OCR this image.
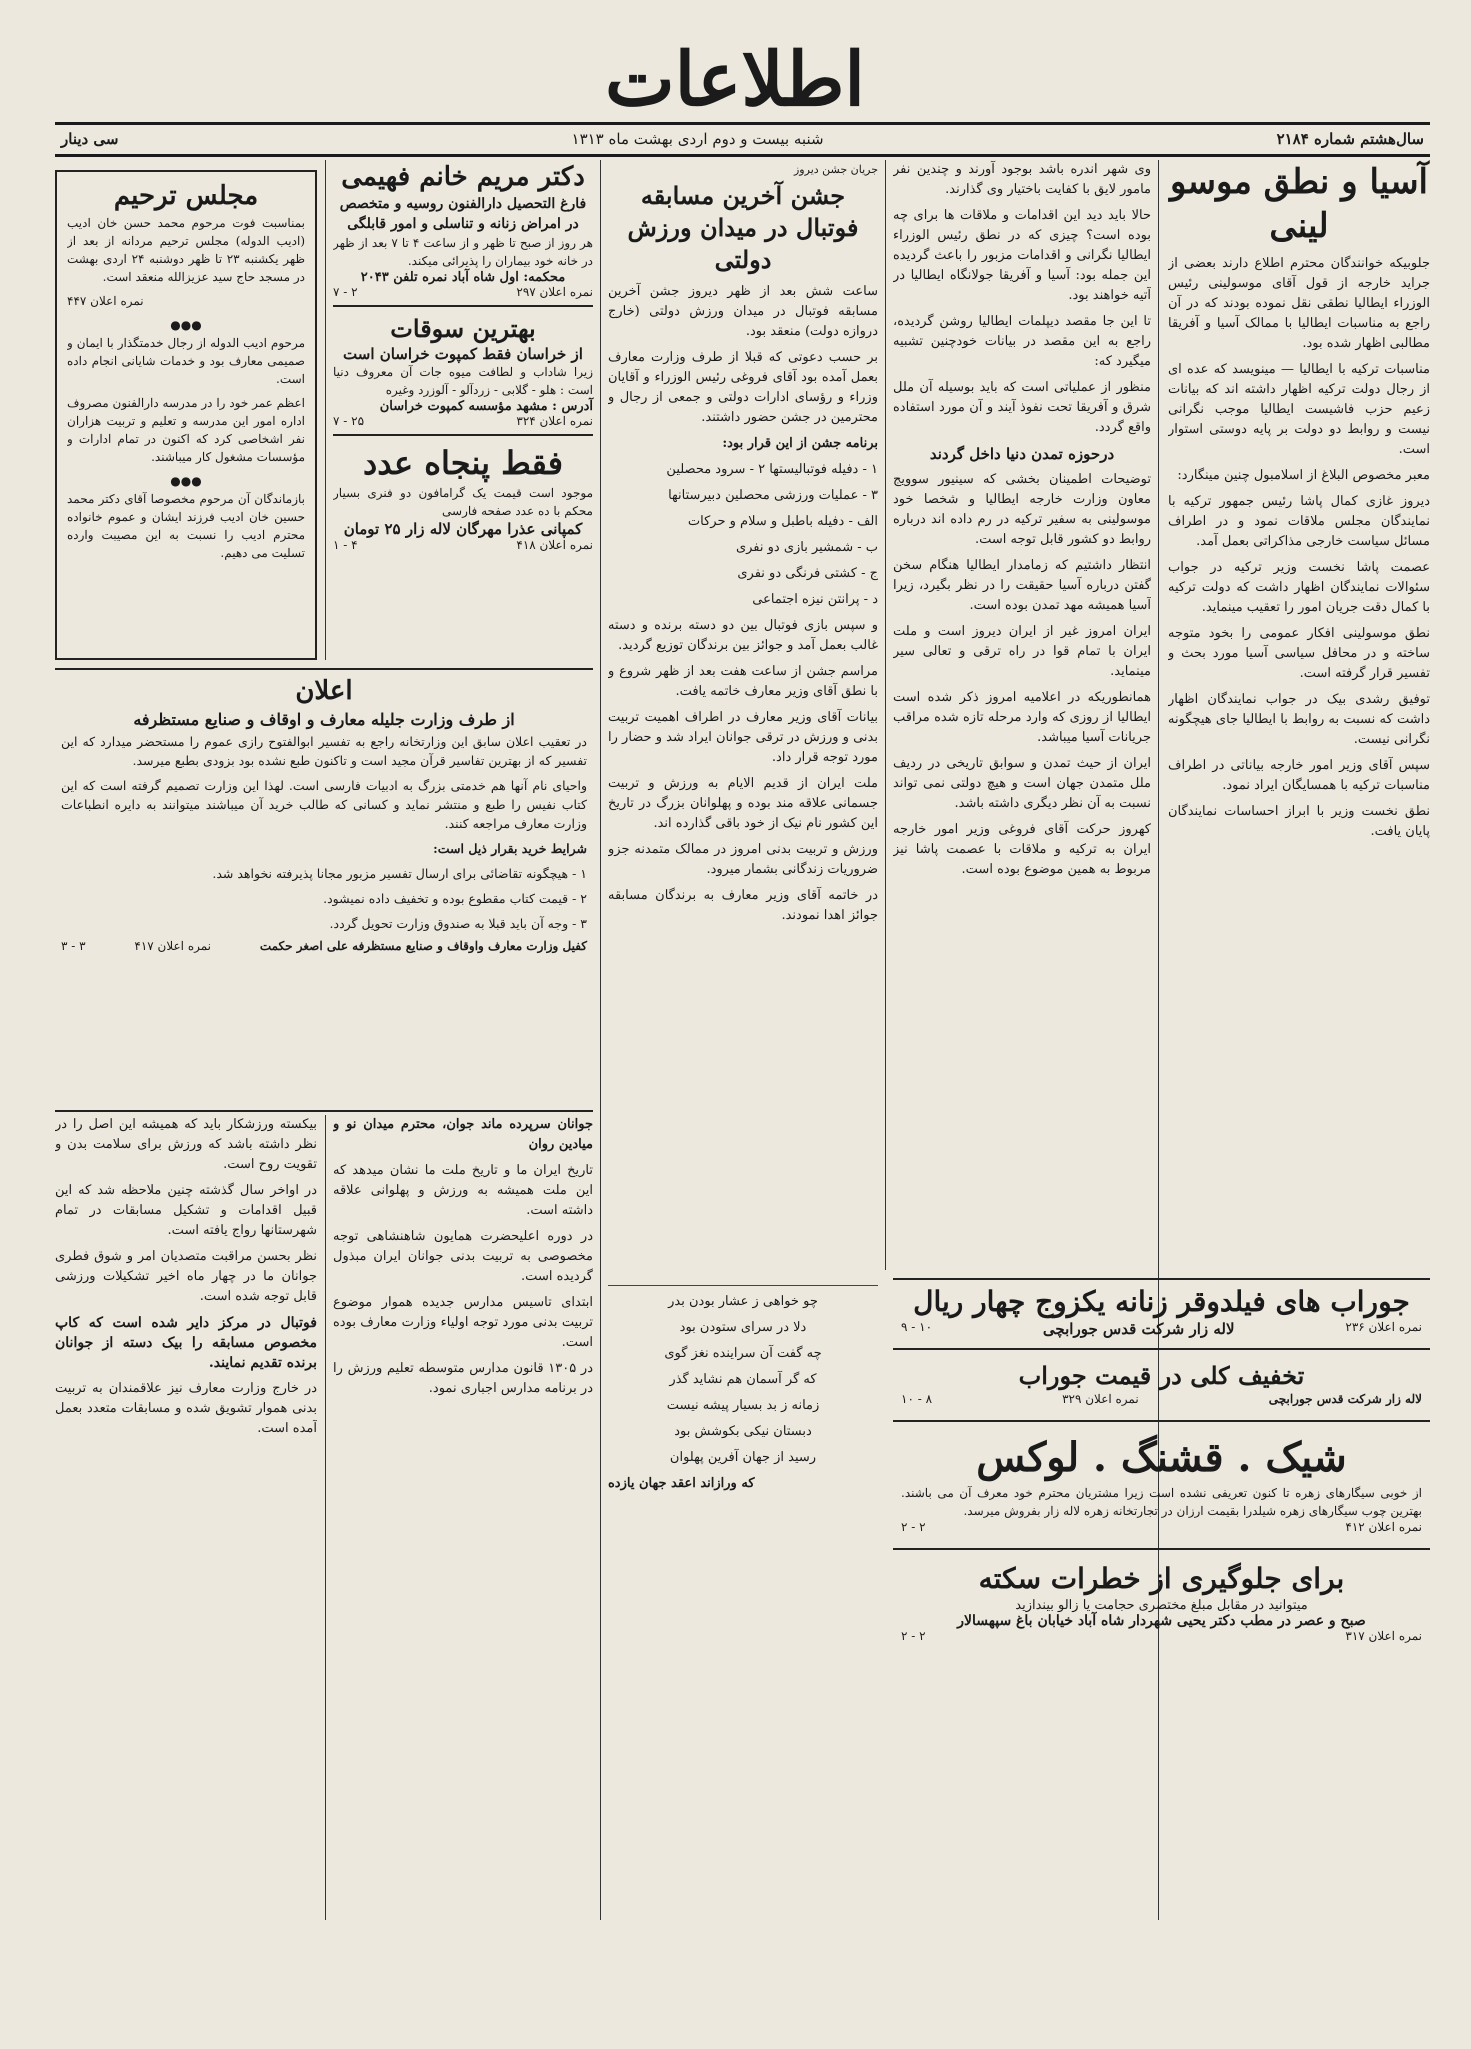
اطلاعات
سال‌هشتم شماره ۲۱۸۴
شنبه بیست و دوم اردی بهشت ماه ۱۳۱۳
سی دینار
آسیا و نطق موسو لینی

جلوبیکه خوانندگان محترم اطلاع دارند بعضی از جراید خارجه از قول آقای موسولینی رئیس الوزراء ایطالیا نطقی نقل نموده بودند که در آن راجع به مناسبات ایطالیا با ممالک آسیا و آفریقا مطالبی اظهار شده بود.

مناسبات ترکیه با ایطالیا — مینویسد که عده ای از رجال دولت ترکیه اظهار داشته اند که بیانات زعیم حزب فاشیست ایطالیا موجب نگرانی نیست و روابط دو دولت بر پایه دوستی استوار است.

معبر مخصوص البلاغ از اسلامبول چنین مینگارد:

دیروز غازی کمال پاشا رئیس جمهور ترکیه با نمایندگان مجلس ملاقات نمود و در اطراف مسائل سیاست خارجی مذاکراتی بعمل آمد.

عصمت پاشا نخست وزیر ترکیه در جواب سئوالات نمایندگان اظهار داشت که دولت ترکیه با کمال دقت جریان امور را تعقیب مینماید.

نطق موسولینی افکار عمومی را بخود متوجه ساخته و در محافل سیاسی آسیا مورد بحث و تفسیر قرار گرفته است.

توفیق رشدی بیک در جواب نمایندگان اظهار داشت که نسبت به روابط با ایطالیا جای هیچگونه نگرانی نیست.

سپس آقای وزیر امور خارجه بیاناتی در اطراف مناسبات ترکیه با همسایگان ایراد نمود.

نطق نخست وزیر با ابراز احساسات نمایندگان پایان یافت.

وی شهر اندره باشد بوجود آورند و چندین نفر مامور لایق با کفایت باختیار وی گذارند.

حالا باید دید این اقدامات و ملاقات ها برای چه بوده است؟ چیزی که در نطق رئیس الوزراء ایطالیا نگرانی و اقدامات مزبور را باعث گردیده این جمله بود: آسیا و آفریقا جولانگاه ایطالیا در آتیه خواهند بود.

تا این جا مقصد دیپلمات ایطالیا روشن گردیده، راجع به این مقصد در بیانات خودچنین تشبیه میگیرد که:

منظور از عملیاتی است که باید بوسیله آن ملل شرق و آفریقا تحت نفوذ آیند و آن مورد استفاده واقع گردد.

درحوزه تمدن دنیا داخل گردند

توضیحات اطمینان بخشی که سینیور سوویج معاون وزارت خارجه ایطالیا و شخصا خود موسولینی به سفیر ترکیه در رم داده اند درباره روابط دو کشور قابل توجه است.

انتظار داشتیم که زمامدار ایطالیا هنگام سخن گفتن درباره آسیا حقیقت را در نظر بگیرد، زیرا آسیا همیشه مهد تمدن بوده است.

ایران امروز غیر از ایران دیروز است و ملت ایران با تمام قوا در راه ترقی و تعالی سیر مینماید.

همانطوریکه در اعلامیه امروز ذکر شده است ایطالیا از روزی که وارد مرحله تازه شده مراقب جریانات آسیا میباشد.

ایران از حیث تمدن و سوابق تاریخی در ردیف ملل متمدن جهان است و هیچ دولتی نمی تواند نسبت به آن نظر دیگری داشته باشد.

کهروز حرکت آقای فروغی وزیر امور خارجه ایران به ترکیه و ملاقات با عصمت پاشا نیز مربوط به همین موضوع بوده است.

جوراب های فیلدوقر زنانه یکزوج چهار ریال
نمره اعلان ۲۳۶
لاله زار شرکت قدس جورابچی
۱۰ - ۹
تخفیف کلی در قیمت جوراب
لاله زار شرکت قدس جورابچی
نمره اعلان ۳۲۹
۸ - ۱۰
شیک . قشنگ . لوکس
از خوبی سیگارهای زهره تا کنون تعریفی نشده است زیرا مشتریان محترم خود معرف آن می باشند. بهترین چوب سیگارهای زهره شیلدرا بقیمت ارزان در تجارتخانه زهره لاله زار بفروش میرسد.
نمره اعلان ۴۱۲
۲ - ۲
برای جلوگیری از خطرات سکته
میتوانید در مقابل مبلغ مختصری حجامت یا زالو بیندازید
صبح و عصر در مطب دکتر یحیی شهردار شاه آباد خیابان باغ سپهسالار
نمره اعلان ۳۱۷
۲ - ۲
جریان جشن دیروز
جشن آخرین مسابقه فوتبال در میدان ورزش دولتی

ساعت شش بعد از ظهر دیروز جشن آخرین مسابقه فوتبال در میدان ورزش دولتی (خارج دروازه دولت) منعقد بود.

بر حسب دعوتی که قبلا از طرف وزارت معارف بعمل آمده بود آقای فروغی رئیس الوزراء و آقایان وزراء و رؤسای ادارات دولتی و جمعی از رجال و محترمین در جشن حضور داشتند.

برنامه جشن از این قرار بود:

۱ - دفیله فوتبالیستها ۲ - سرود محصلین

۳ - عملیات ورزشی محصلین دبیرستانها

الف - دفیله باطبل و سلام و حرکات

ب - شمشیر بازی دو نفری

ج - کشتی فرنگی دو نفری

د - پرانتن نیزه اجتماعی

و سپس بازی فوتبال بین دو دسته برنده و دسته غالب بعمل آمد و جوائز بین برندگان توزیع گردید.

مراسم جشن از ساعت هفت بعد از ظهر شروع و با نطق آقای وزیر معارف خاتمه یافت.

بیانات آقای وزیر معارف در اطراف اهمیت تربیت بدنی و ورزش در ترقی جوانان ایراد شد و حضار را مورد توجه قرار داد.

ملت ایران از قدیم الایام به ورزش و تربیت جسمانی علاقه مند بوده و پهلوانان بزرگ در تاریخ این کشور نام نیک از خود باقی گذارده اند.

ورزش و تربیت بدنی امروز در ممالک متمدنه جزو ضروریات زندگانی بشمار میرود.

در خاتمه آقای وزیر معارف به برندگان مسابقه جوائز اهدا نمودند.

دکتر مریم خانم فهیمی
فارغ التحصیل دارالفنون روسیه و متخصص در امراض زنانه و تناسلی و امور قابلگی
هر روز از صبح تا ظهر و از ساعت ۴ تا ۷ بعد از ظهر در خانه خود بیماران را پذیرائی میکند.
محکمه: اول شاه آباد نمره تلفن ۲۰۴۳
نمره اعلان ۲۹۷
۲ - ۷
بهترین سوقات
از خراسان فقط کمپوت خراسان است
زیرا شاداب و لطافت میوه جات آن معروف دنیا است : هلو - گلابی - زردآلو - آلوزرد وغیره
آدرس : مشهد مؤسسه کمپوت خراسان
نمره اعلان ۳۲۴
۲۵ - ۷
فقط پنجاه عدد
موجود است قیمت یک گرامافون دو فنری بسیار محکم با ده عدد صفحه فارسی
کمپانی عذرا مهرگان لاله زار ۲۵ تومان
نمره اعلان ۴۱۸
۴ - ۱
مجلس ترحیم

بمناسبت فوت مرحوم محمد حسن خان ادیب (ادیب الدوله) مجلس ترحیم مردانه از بعد از ظهر یکشنبه ۲۳ تا ظهر دوشنبه ۲۴ اردی بهشت در مسجد حاج سید عزیزالله منعقد است.

نمره اعلان ۴۴۷

●●●

مرحوم ادیب الدوله از رجال خدمتگذار با ایمان و صمیمی معارف بود و خدمات شایانی انجام داده است.

اعظم عمر خود را در مدرسه دارالفنون مصروف اداره امور این مدرسه و تعلیم و تربیت هزاران نفر اشخاصی کرد که اکنون در تمام ادارات و مؤسسات مشغول کار میباشند.

●●●

بازماندگان آن مرحوم مخصوصا آقای دکتر محمد حسین خان ادیب فرزند ایشان و عموم خانواده محترم ادیب را نسبت به این مصیبت وارده تسلیت می دهیم.

اعلان
از طرف وزارت جلیله معارف و اوقاف و صنایع مستظرفه

در تعقیب اعلان سابق این وزارتخانه راجع به تفسیر ابوالفتوح رازی عموم را مستحضر میدارد که این تفسیر که از بهترین تفاسیر قرآن مجید است و تاکنون طبع نشده بود بزودی بطبع میرسد.

واحیای نام آنها هم خدمتی بزرگ به ادبیات فارسی است. لهذا این وزارت تصمیم گرفته است که این کتاب نفیس را طبع و منتشر نماید و کسانی که طالب خرید آن میباشند میتوانند به دایره انطباعات وزارت معارف مراجعه کنند.

شرایط خرید بقرار ذیل است:

۱ - هیچگونه تقاضائی برای ارسال تفسیر مزبور مجانا پذیرفته نخواهد شد.

۲ - قیمت کتاب مقطوع بوده و تخفیف داده نمیشود.

۳ - وجه آن باید قبلا به صندوق وزارت تحویل گردد.

کفیل وزارت معارف واوقاف و صنایع مستظرفه علی اصغر حکمت
نمره اعلان ۴۱۷
۳ - ۳

جوانان سرپرده ماند جوان، محترم میدان نو و میادین روان

تاریخ ایران ما و تاریخ ملت ما نشان میدهد که این ملت همیشه به ورزش و پهلوانی علاقه داشته است.

در دوره اعلیحضرت همایون شاهنشاهی توجه مخصوصی به تربیت بدنی جوانان ایران مبذول گردیده است.

ابتدای تاسیس مدارس جدیده هموار موضوع تربیت بدنی مورد توجه اولیاء وزارت معارف بوده است.

در ۱۳۰۵ قانون مدارس متوسطه تعلیم ورزش را در برنامه مدارس اجباری نمود.

بیکسته ورزشکار باید که همیشه این اصل را در نظر داشته باشد که ورزش برای سلامت بدن و تقویت روح است.

در اواخر سال گذشته چنین ملاحظه شد که این قبیل اقدامات و تشکیل مسابقات در تمام شهرستانها رواج یافته است.

نظر بحسن مراقبت متصدیان امر و شوق فطری جوانان ما در چهار ماه اخیر تشکیلات ورزشی قابل توجه شده است.

فوتبال در مرکز دایر شده است که کاپ مخصوص مسابقه را بیک دسته از جوانان برنده تقدیم نمایند.

در خارج وزارت معارف نیز علاقمندان به تربیت بدنی هموار تشویق شده و مسابقات متعدد بعمل آمده است.

چو خواهی ز عشار بودن بدر

دلا در سرای ستودن بود

چه گفت آن سراینده نغز گوی

که گر آسمان هم نشاید گذر

زمانه ز بد بسیار پیشه نیست

دبستان نیکی بکوشش بود

رسید از جهان آفرین پهلوان

که ورازاند اعقد جهان یازده
